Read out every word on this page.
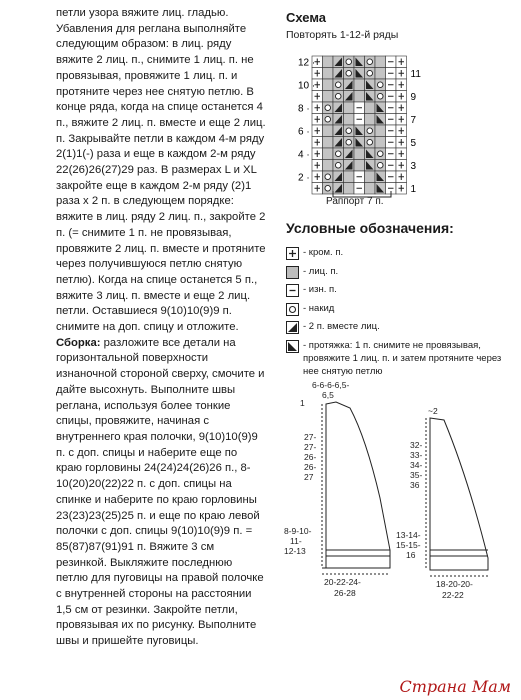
петли узора вяжите лиц. гладью. Убавления для реглана выполняйте следующим образом: в лиц. ряду вяжите 2 лиц. п., снимите 1 лиц. п. не провязывая, провяжите 1 лиц. п. и протяните через нее снятую петлю. В конце ряда, когда на спице останется 4 п., вяжите 2 лиц. п. вместе и еще 2 лиц. п. Закрывайте петли в каждом 4-м ряду 2(1)1(-) раза и еще в каждом 2-м ряду 22(26)26(27)29 раз. В размерах L и XL закройте еще в каждом 2-м ряду (2)1 раза х 2 п. в следующем порядке: вяжите в лиц. ряду 2 лиц. п., закройте 2 п. (= снимите 1 п. не провязывая, провяжите 2 лиц. п. вместе и протяните через получившуюся петлю снятую петлю). Когда на спице останется 5 п., вяжите 3 лиц. п. вместе и еще 2 лиц. петли. Оставшиеся 9(10)10(9)9 п. снимите на доп. спицу и отложите.

Сборка: разложите все детали на горизонтальной поверхности изнаночной стороной сверху, смочите и дайте высохнуть. Выполните швы реглана, используя более тонкие спицы, провяжите, начиная с внутреннего края полочки, 9(10)10(9)9 п. с доп. спицы и наберите еще по краю горловины 24(24)24(26)26 п., 8-10(20)20(22)22 п. с доп. спицы на спинке и наберите по краю горловины 23(23)23(25)25 п. и еще по краю левой полочки с доп. спицы 9(10)10(9)9 п. = 85(87)87(91)91 п. Вяжите 3 см резинкой. Выкляжите последнюю петлю для пуговицы на правой полочке с внутренней стороны на расстоянии 1,5 см от резинки. Закройте петли, провязывая их по рисунку. Выполните швы и пришейте пуговицы.

Схема

Повторять 1-12-й ряды
12 ·
11
10 ·
9
8 ·
7
6 ·
5
4 ·
3
2 ·
1
Раппорт 7 п.

Условные обозначения:

- кром. п.
- лиц. п.
- изн. п.
- накид
- 2 п. вместе лиц.
- протяжка: 1 п. снимите не провязывая, провяжите 1 лиц. п. и затем протяните через нее снятую петлю
6-6-6-6,5-
6,5
1
27-
27-
26-
26-
27
8-9-10-
11-
12-13
20-22-24-
26-28
~2
32-
33-
34-
35-
36
13-14-
15-15-
16
18-20-20-
22-22
Страна Мам
